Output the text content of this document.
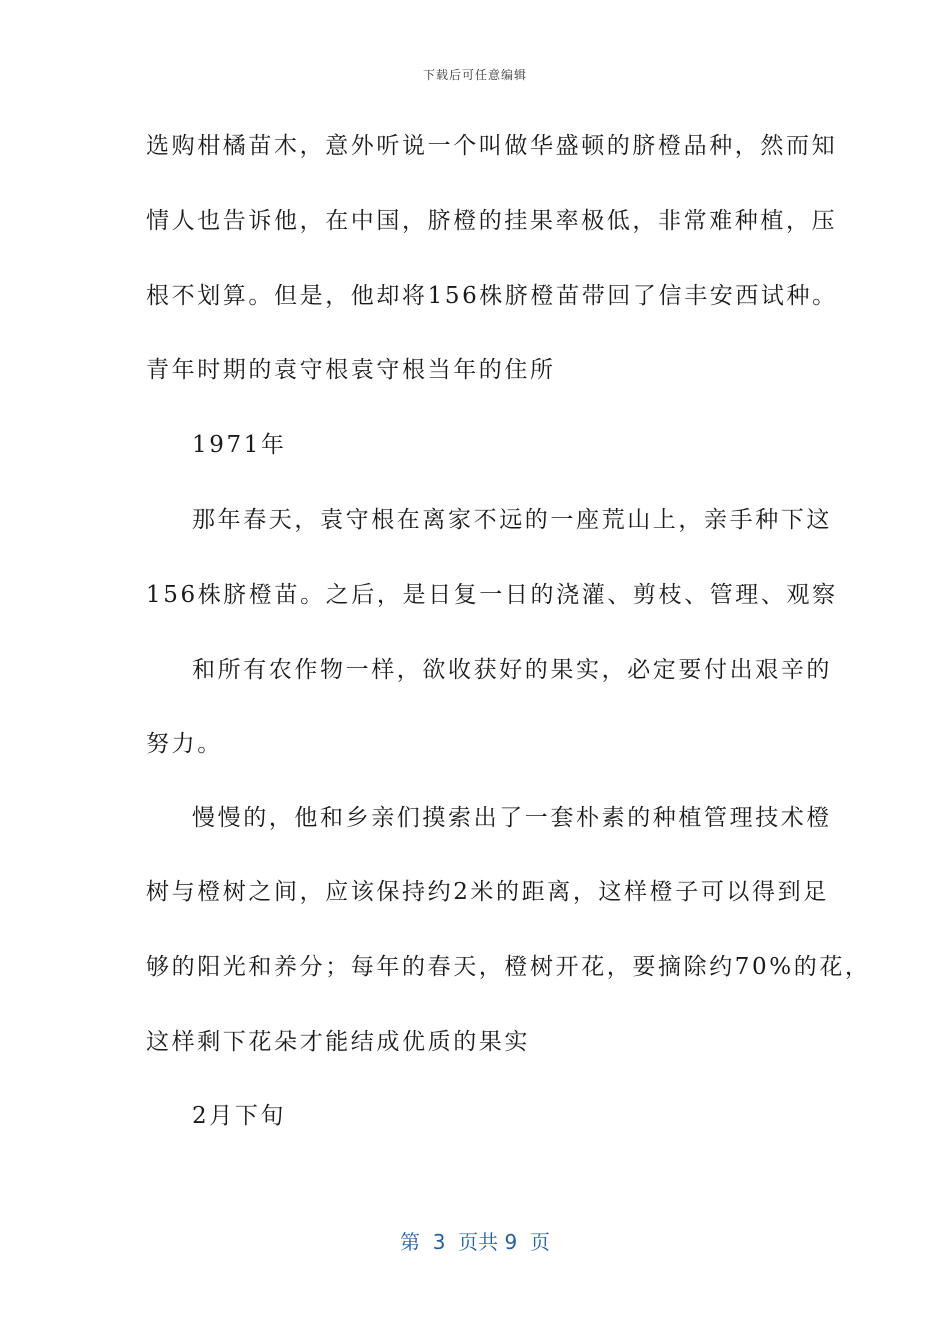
下载后可任意编辑
选购柑橘苗木，意外听说一个叫做华盛顿的脐橙品种，然而知
情人也告诉他，在中国，脐橙的挂果率极低，非常难种植，压
根不划算。但是，他却将156株脐橙苗带回了信丰安西试种。
青年时期的袁守根袁守根当年的住所
1971年
那年春天，袁守根在离家不远的一座荒山上，亲手种下这
156株脐橙苗。之后，是日复一日的浇灌、剪枝、管理、观察
和所有农作物一样，欲收获好的果实，必定要付出艰辛的
努力。
慢慢的，他和乡亲们摸索出了一套朴素的种植管理技术橙
树与橙树之间，应该保持约2米的距离，这样橙子可以得到足
够的阳光和养分；每年的春天，橙树开花，要摘除约70%的花，
这样剩下花朵才能结成优质的果实
2月下旬
第  3  页共 9  页
